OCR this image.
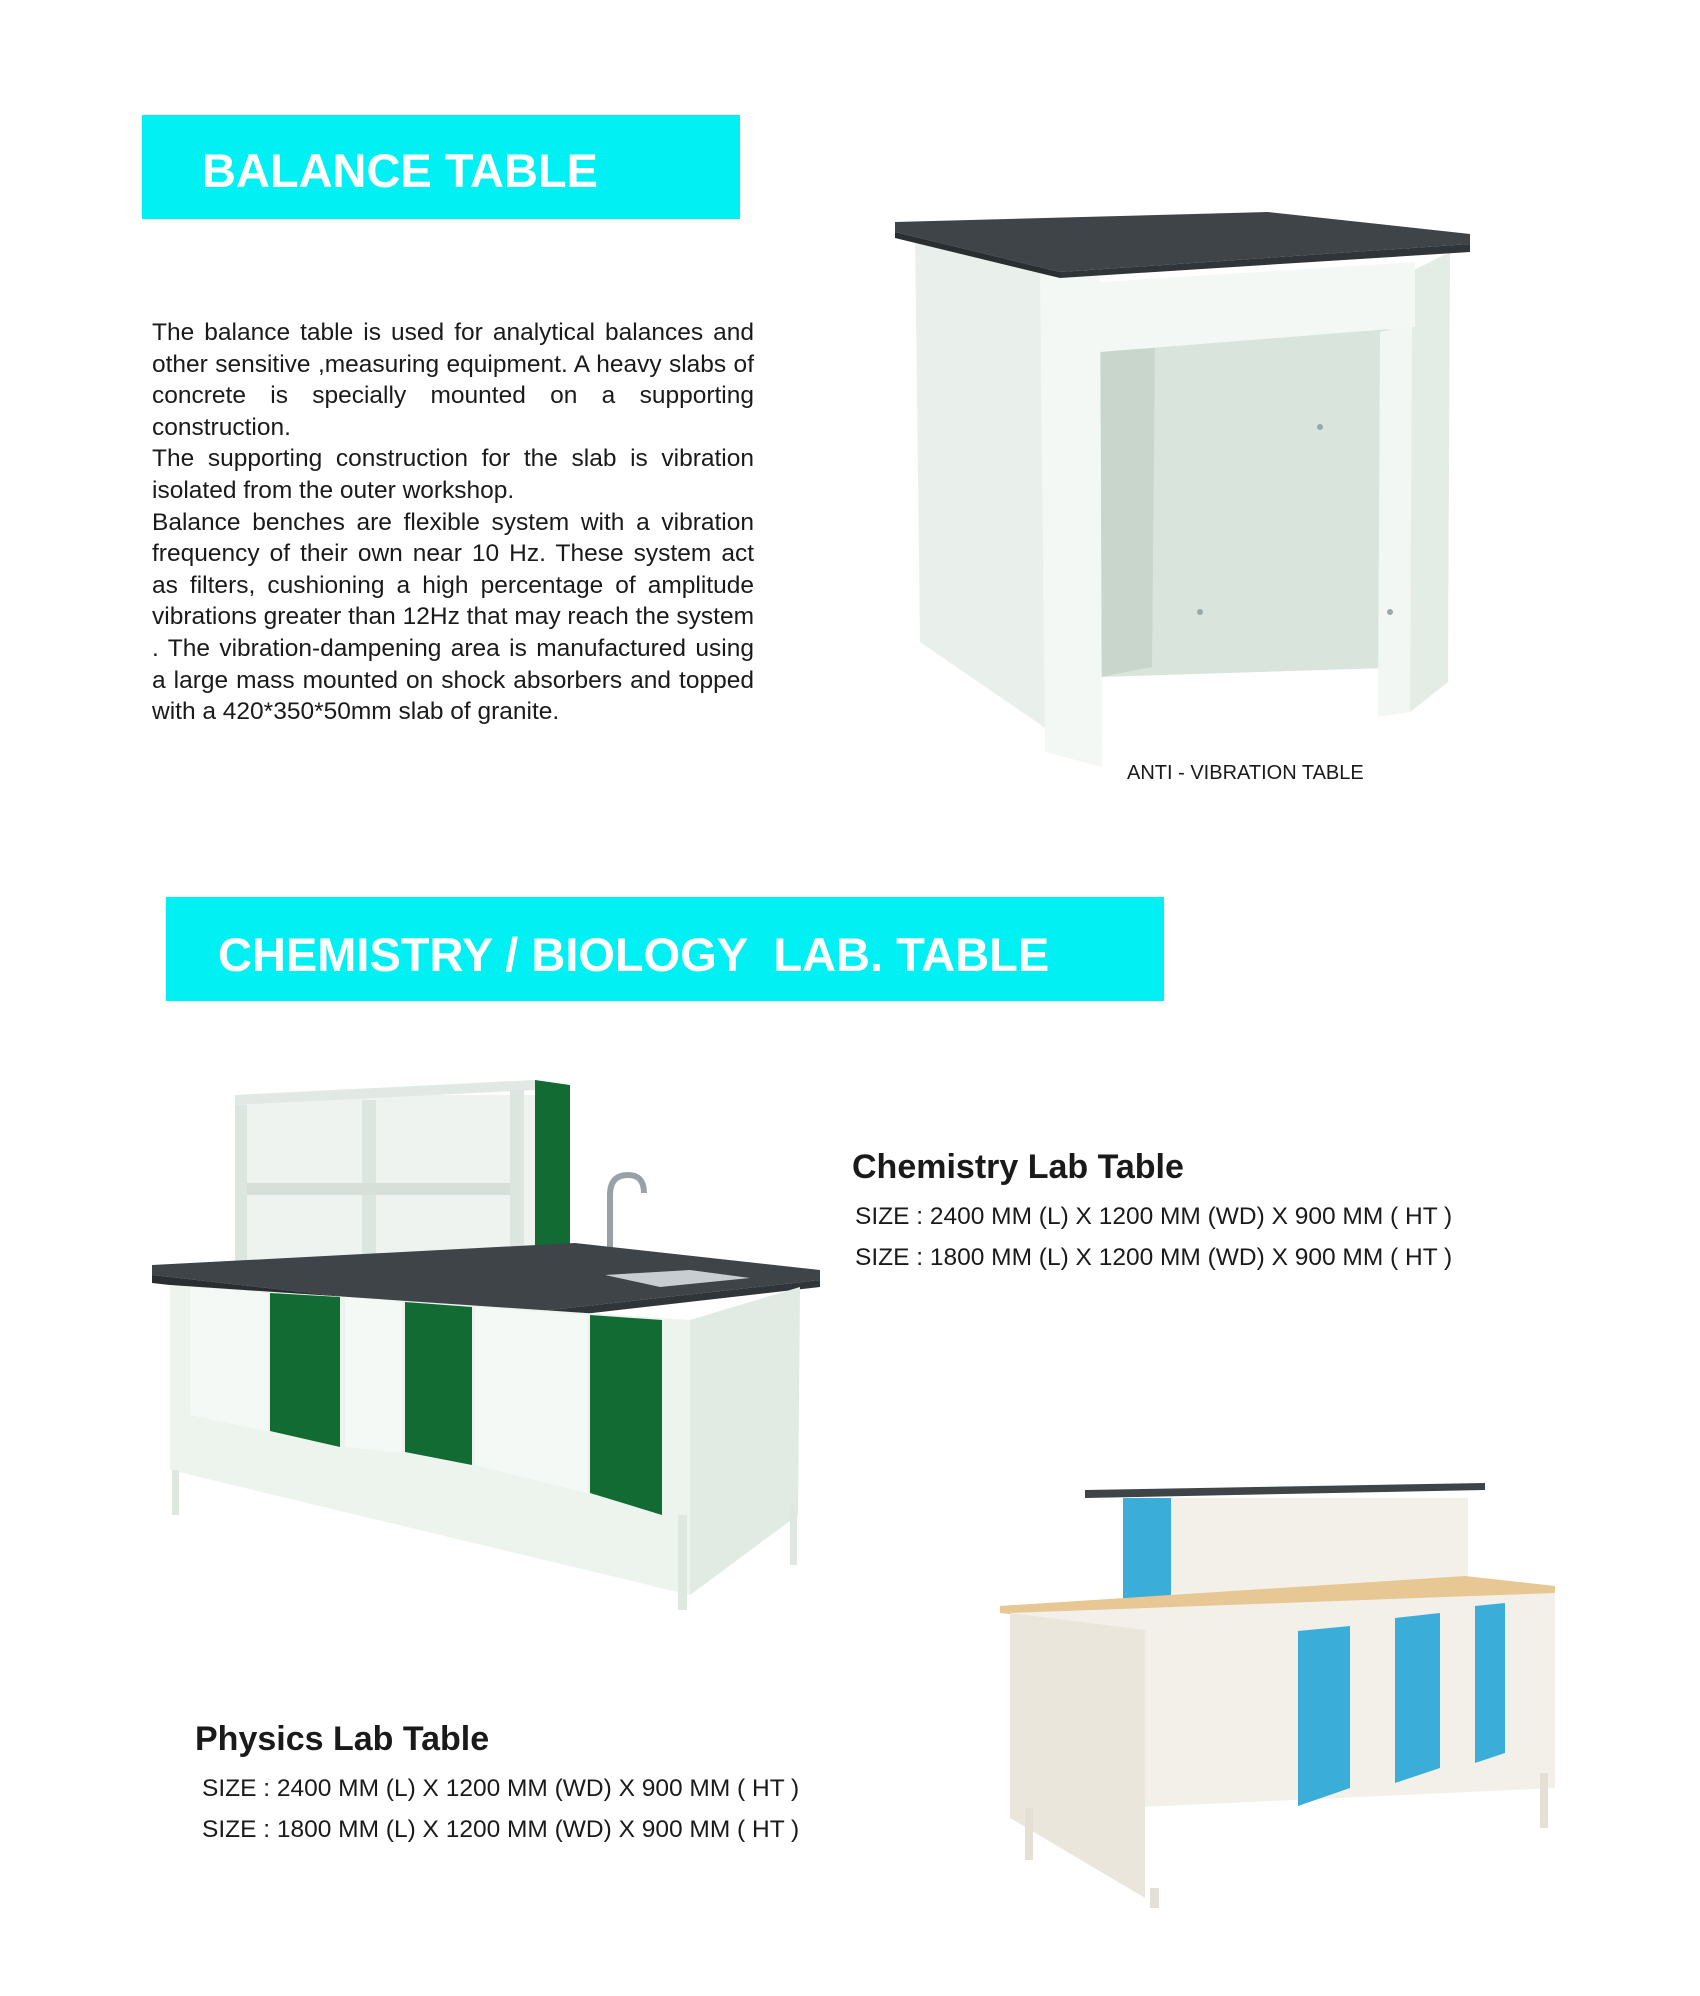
BALANCE TABLE

The balance table is used for analytical balances and other sensitive ,measuring equipment. A heavy slabs of concrete is specially mounted on a supporting construction.

The supporting construction for the slab is vibration isolated from the outer workshop.

Balance benches are flexible system with a vibration frequency of their own near 10 Hz. These system act as filters, cushioning a high percentage of amplitude vibrations greater than 12Hz that may reach the system . The vibration-dampening area is manufactured using a large mass mounted on shock absorbers and topped with a 420*350*50mm slab of granite.

ANTI - VIBRATION TABLE
CHEMISTRY / BIOLOGY  LAB. TABLE
Chemistry Lab Table
SIZE : 2400 MM (L) X 1200 MM (WD) X 900 MM ( HT )
SIZE : 1800 MM (L) X 1200 MM (WD) X 900 MM ( HT )
Physics Lab Table
SIZE : 2400 MM (L) X 1200 MM (WD) X 900 MM ( HT )
SIZE : 1800 MM (L) X 1200 MM (WD) X 900 MM ( HT )
